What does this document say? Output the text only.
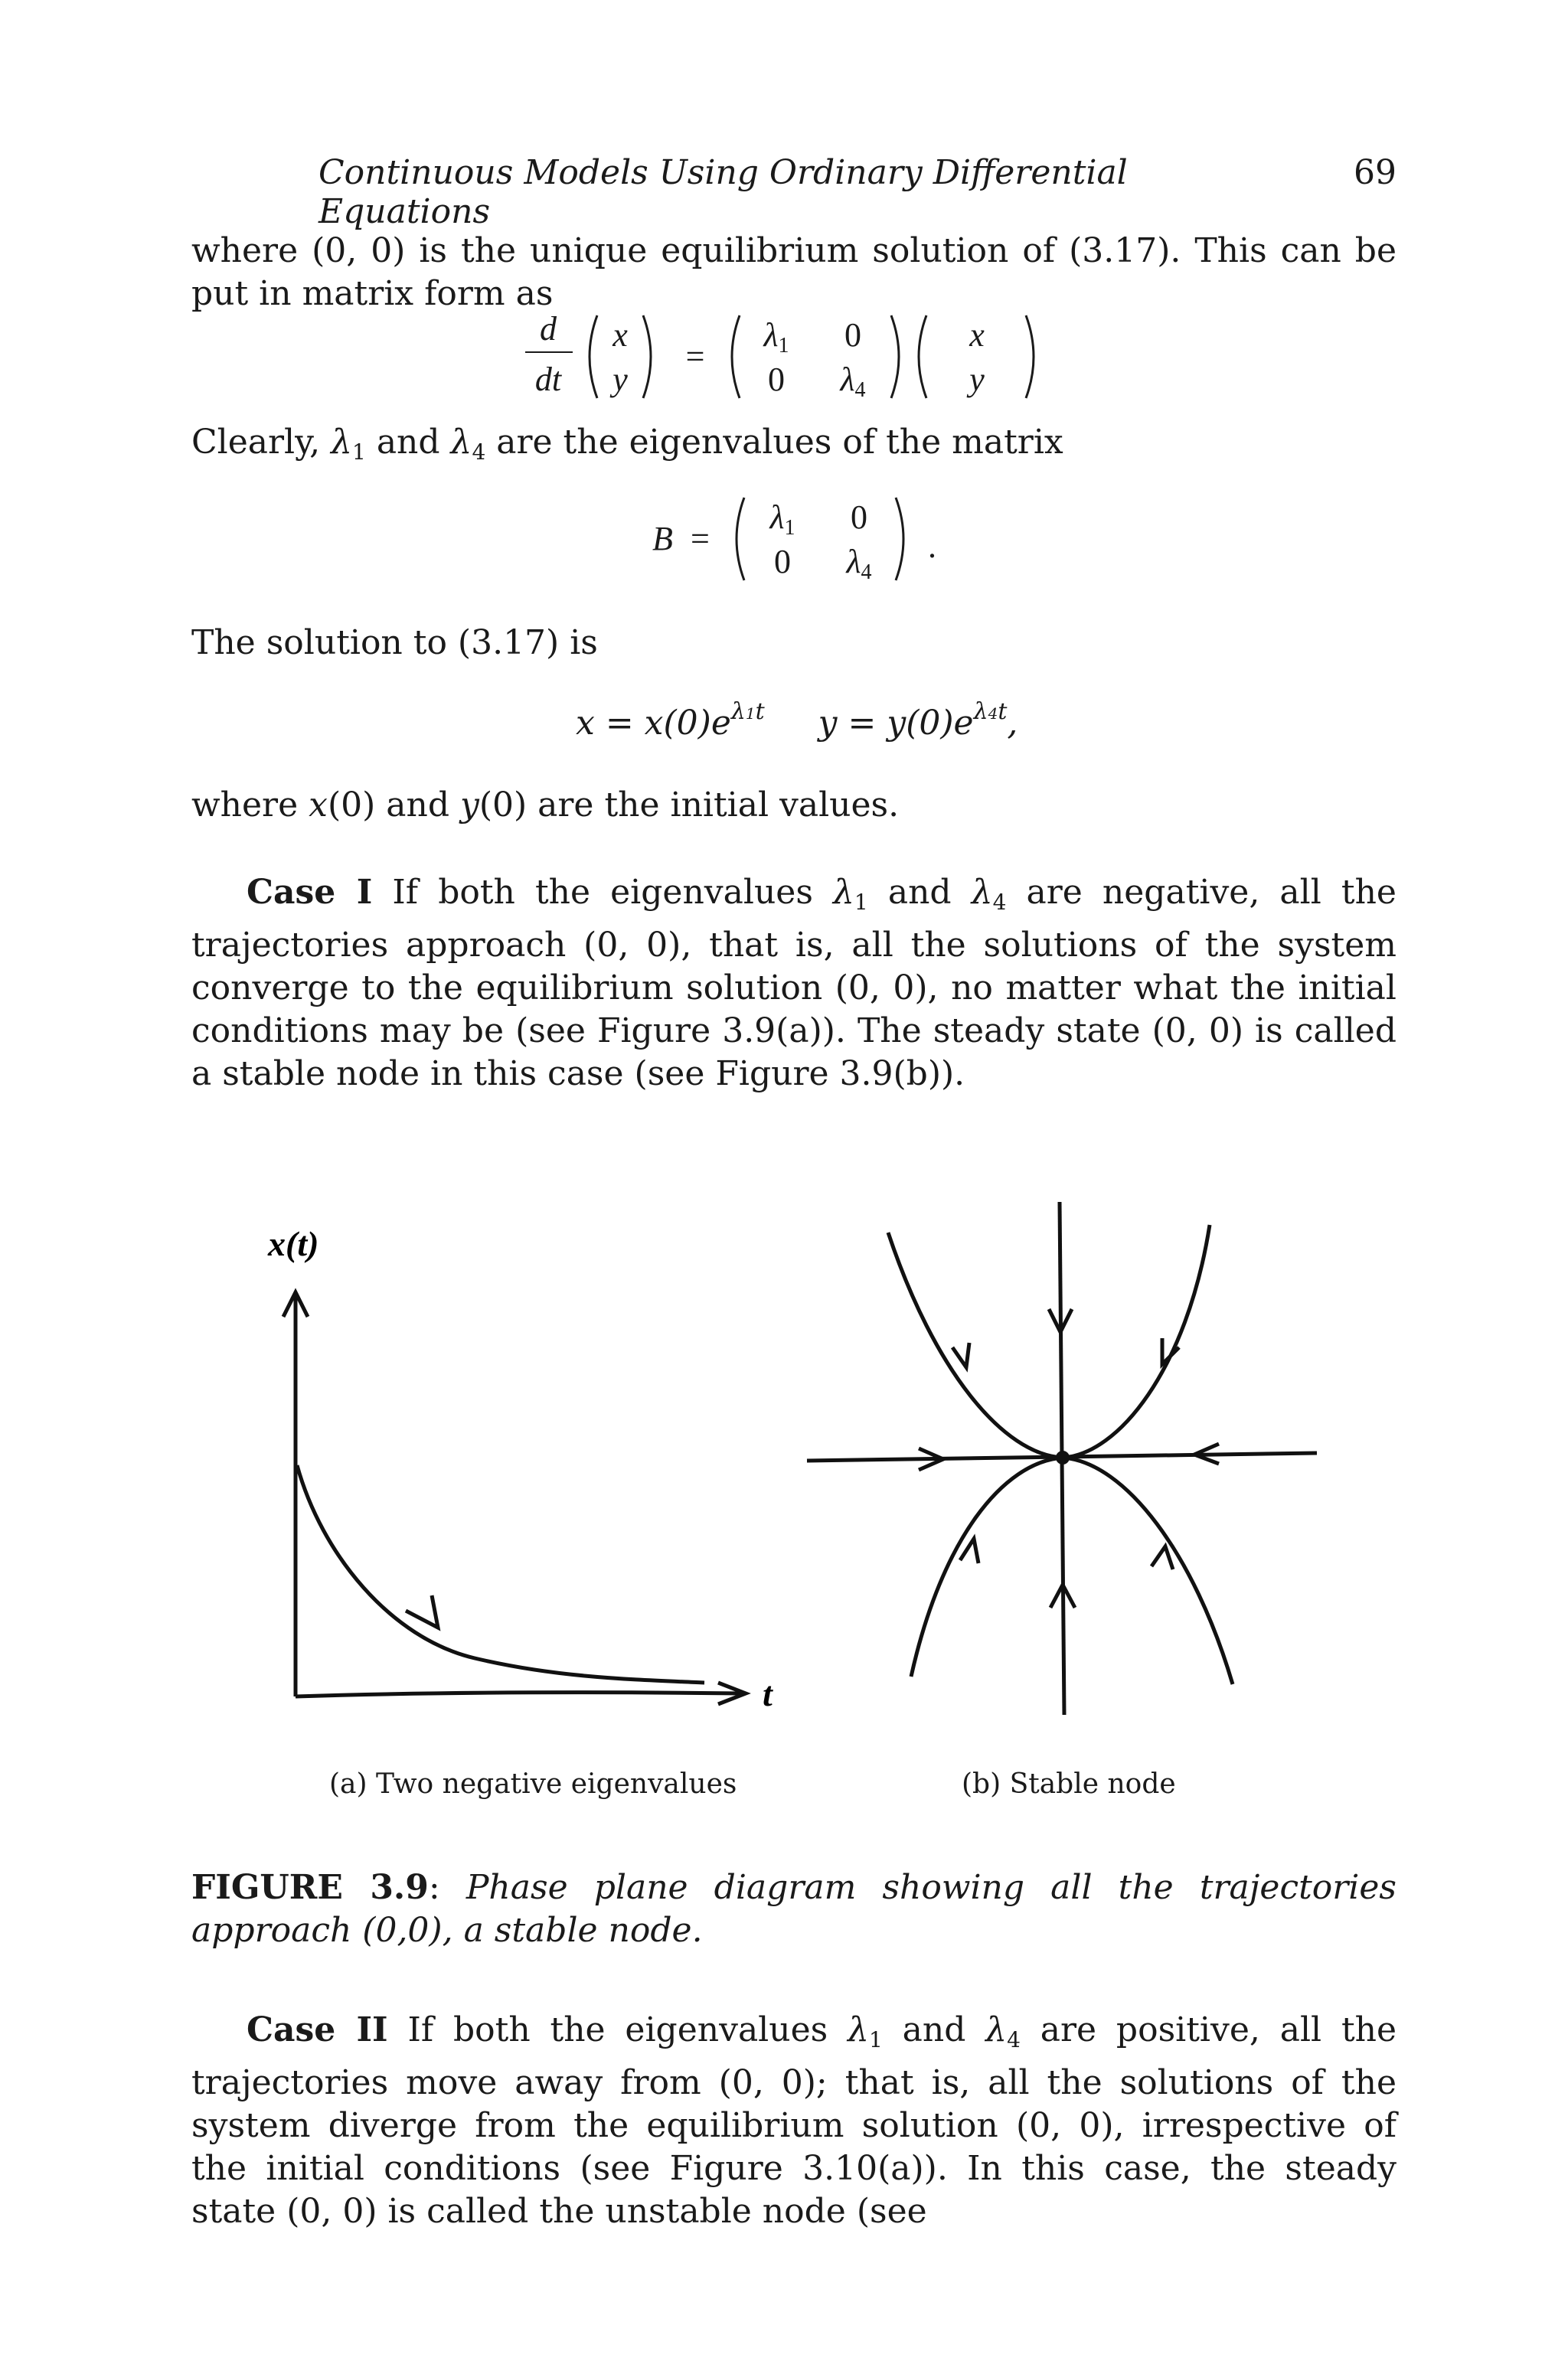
Continuous Models Using Ordinary Differential Equations
69
where (0, 0) is the unique equilibrium solution of (3.17). This can be put in matrix form as
d
dt
x
y
=
λ1 0
0 λ4
x
y
Clearly, $\lambda_1$ and $\lambda_4$ are the eigenvalues of the matrix
B =
λ1 0
0 λ4
.
The solution to (3.17) is
$x = x(0)e^{\lambda 1t}$ $y = y(0)e^{\lambda 4t}$,
where x(0) and y(0) are the initial values.
Case I If both the eigenvalues $\lambda_1$ and $\lambda_4$ are negative, all the trajectories approach (0, 0), that is, all the solutions of the system converge to the equilibrium solution (0, 0), no matter what the initial conditions may be (see Figure 3.9(a)). The steady state (0, 0) is called a stable node in this case (see Figure 3.9(b)).
x(t)
t
(a) Two negative eigenvalues	(b) Stable node
FIGURE 3.9: Phase plane diagram showing all the trajectories approach (0,0), a stable node.
Case II If both the eigenvalues $\lambda_1$ and $\lambda_4$ are positive, all the trajectories move away from (0, 0); that is, all the solutions of the system diverge from the equilibrium solution (0, 0), irrespective of the initial conditions (see Figure 3.10(a)). In this case, the steady state (0, 0) is called the unstable node (see
